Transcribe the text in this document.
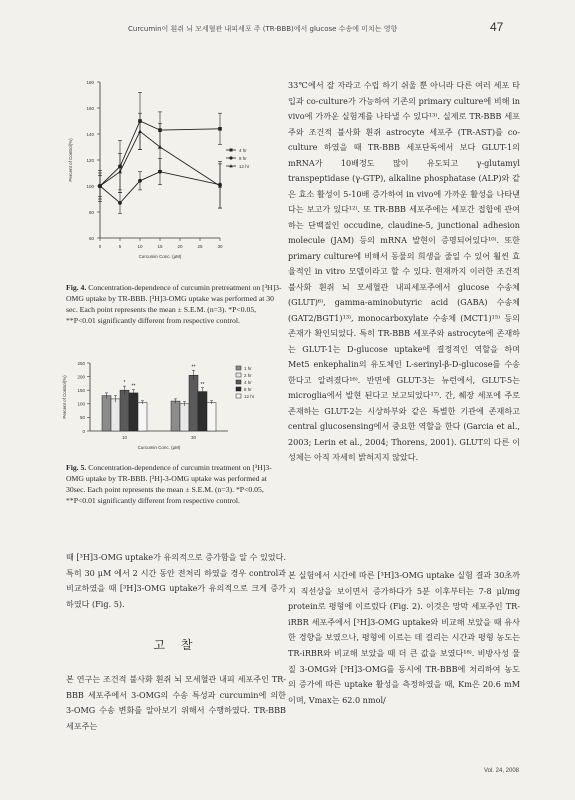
Curcumin이 흰쥐 뇌 모세혈관 내피세포 주 (TR-BBB)에서 glucose 수송에 미치는 영향	47
60
80
100
120
140
160
180
0	5	10	15	20	25	30
Curcumin Conc. (μM)
Percent of Control(%)	4 hr
8 hr
12 hr
Fig. 4. Concentration-dependence of curcumin pretreatment on [³H]3-OMG uptake by TR-BBB. [³H]3-OMG uptake was performed at 30 sec. Each point represents the mean ± S.E.M. (n=3). *P<0.05, **P<0.01 significantly different from respective control.
0
50
100
150
200
250
Percent of Control(%)	*
**
10
**
**
30
Curcumin Conc. (μM)
1 hr
2 hr
4 hr
8 hr
12 hr
Fig. 5. Concentration-dependence of curcumin treatment on [³H]3-OMG uptake by TR-BBB. [³H]-3-OMG uptake was performed at 30sec. Each point represents the mean ± S.E.M. (n=3). *P<0.05, **P<0.01 significantly different from respective control.
때 [³H]3-OMG uptake가 유의적으로 증가함을 알 수 있었다. 특히 30 μM 에서 2 시간 동안 전처리 하였을 경우 control과 비교하였을 때 [³H]3-OMG uptake가 유의적으로 크게 증가하였다 (Fig. 5).
고 찰
본 연구는 조건적 불사화 흰쥐 뇌 모세혈관 내피 세포주인 TR-BBB 세포주에서 3-OMG의 수송 특성과 curcumin에 의한 3-OMG 수송 변화를 알아보기 위해서 수행하였다. TR-BBB 세포주는
33℃에서 잘 자라고 수립 하기 쉬울 뿐 아니라 다른 여러 세포 타입과 co-culture가 가능하여 기존의 primary culture에 비해 in vivo에 가까운 실험계를 나타낼 수 있다¹³⁾. 실제로 TR-BBB 세포주와 조건적 불사화 흰쥐 astrocyte 세포주 (TR-AST)를 co-culture 하였을 때 TR-BBB 세포단독에서 보다 GLUT-1의 mRNA가 10배정도 많이 유도되고 γ-glutamyl transpeptidase (γ-GTP), alkaline phosphatase (ALP)와 같은 효소 활성이 5-10배 증가하여 in vivo에 가까운 활성을 나타낸다는 보고가 있다¹²⁾. 또 TR-BBB 세포주에는 세포간 접합에 관여하는 단백질인 occudine, claudine-5, junctional adhesion molecule (JAM) 등의 mRNA 발현이 증명되어있다¹⁰⁾. 또한 primary culture에 비해서 동물의 희생을 줄일 수 있어 훨씬 효율적인 in vitro 모델이라고 할 수 있다. 현재까지 이러한 조건적 불사화 흰쥐 뇌 모세혈관 내피세포주에서 glucose 수송체 (GLUT)⁶⁾, gamma-aminobutyric acid (GABA) 수송체 (GAT2/BGT1)¹³⁾, monocarboxylate 수송체 (MCT1)¹⁵⁾ 등의 존재가 확인되었다. 특히 TR-BBB 세포주와 astrocyte에 존재하는 GLUT-1는 D-glucose uptake에 결정적인 역할을 하며 Met5 enkephalin의 유도체인 L-serinyl-β-D-glucose를 수송한다고 알려졌다¹⁶⁾. 반면에 GLUT-3는 뉴런에서, GLUT-5는 microglia에서 발현 된다고 보고되었다¹⁷⁾. 간, 췌장 세포에 주로 존재하는 GLUT-2는 시상하부와 같은 특별한 기관에 존재하고 central glucosensing에서 중요한 역할을 한다 (Garcia et al., 2003; Lerin et al., 2004; Thorens, 2001). GLUT의 다른 이성체는 아직 자세히 밝혀지지 않았다.
본 실험에서 시간에 따른 [³H]3-OMG uptake 실험 결과 30초까지 직선상을 보이면서 증가하다가 5분 이후부터는 7-8 μl/mg protein로 평형에 이르렀다 (Fig. 2). 이것은 망막 세포주인 TR-iRBR 세포주에서 [³H]3-OMG uptake와 비교해 보았을 때 유사한 경향을 보였으나, 평형에 이르는 데 걸리는 시간과 평형 농도는 TR-iRBR와 비교해 보았을 때 더 큰 값을 보였다¹⁸⁾. 비방사성 물질 3-OMG와 [³H]3-OMG를 동시에 TR-BBB에 처리하여 농도의 증가에 따른 uptake 활성을 측정하였을 때, Km은 20.6 mM이며, Vmax는 62.0 nmol/
Vol. 24, 2008
